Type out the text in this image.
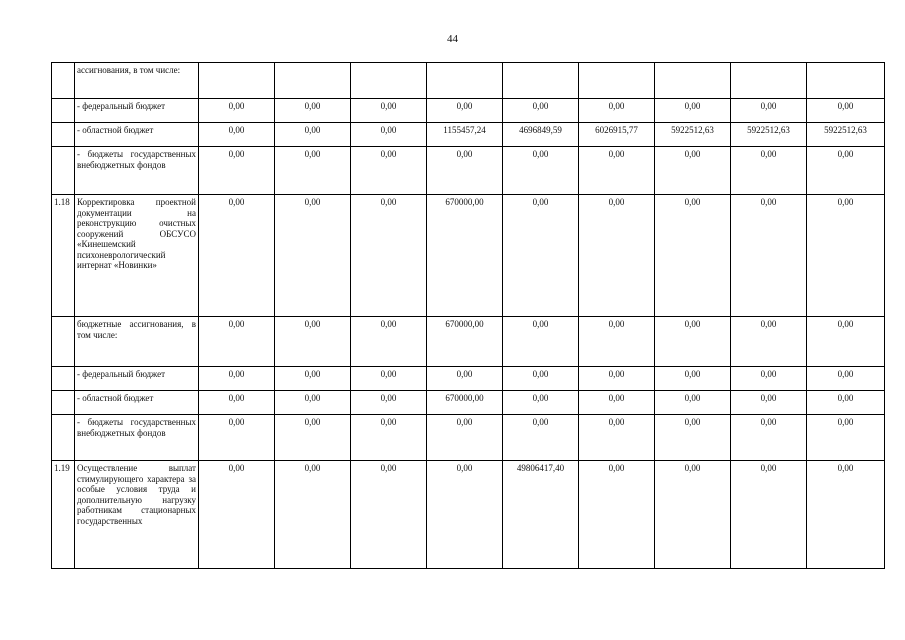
44
	ассигнования, в том числе:									
	- федеральный бюджет	0,00	0,00	0,00	0,00	0,00	0,00	0,00	0,00	0,00
	- областной бюджет	0,00	0,00	0,00	1155457,24	4696849,59	6026915,77	5922512,63	5922512,63	5922512,63
	- бюджеты государственных внебюджетных фондов	0,00	0,00	0,00	0,00	0,00	0,00	0,00	0,00	0,00
1.18	Корректировка проектной документации на реконструкцию очистных сооружений ОБСУСО «Кинешемский психоневрологический интернат «Новинки»	0,00	0,00	0,00	670000,00	0,00	0,00	0,00	0,00	0,00
	бюджетные ассигнования, в том числе:	0,00	0,00	0,00	670000,00	0,00	0,00	0,00	0,00	0,00
	- федеральный бюджет	0,00	0,00	0,00	0,00	0,00	0,00	0,00	0,00	0,00
	- областной бюджет	0,00	0,00	0,00	670000,00	0,00	0,00	0,00	0,00	0,00
	- бюджеты государственных внебюджетных фондов	0,00	0,00	0,00	0,00	0,00	0,00	0,00	0,00	0,00
1.19	Осуществление выплат стимулирующего характера за особые условия труда и дополнительную нагрузку работникам стационарных государственных	0,00	0,00	0,00	0,00	49806417,40	0,00	0,00	0,00	0,00
